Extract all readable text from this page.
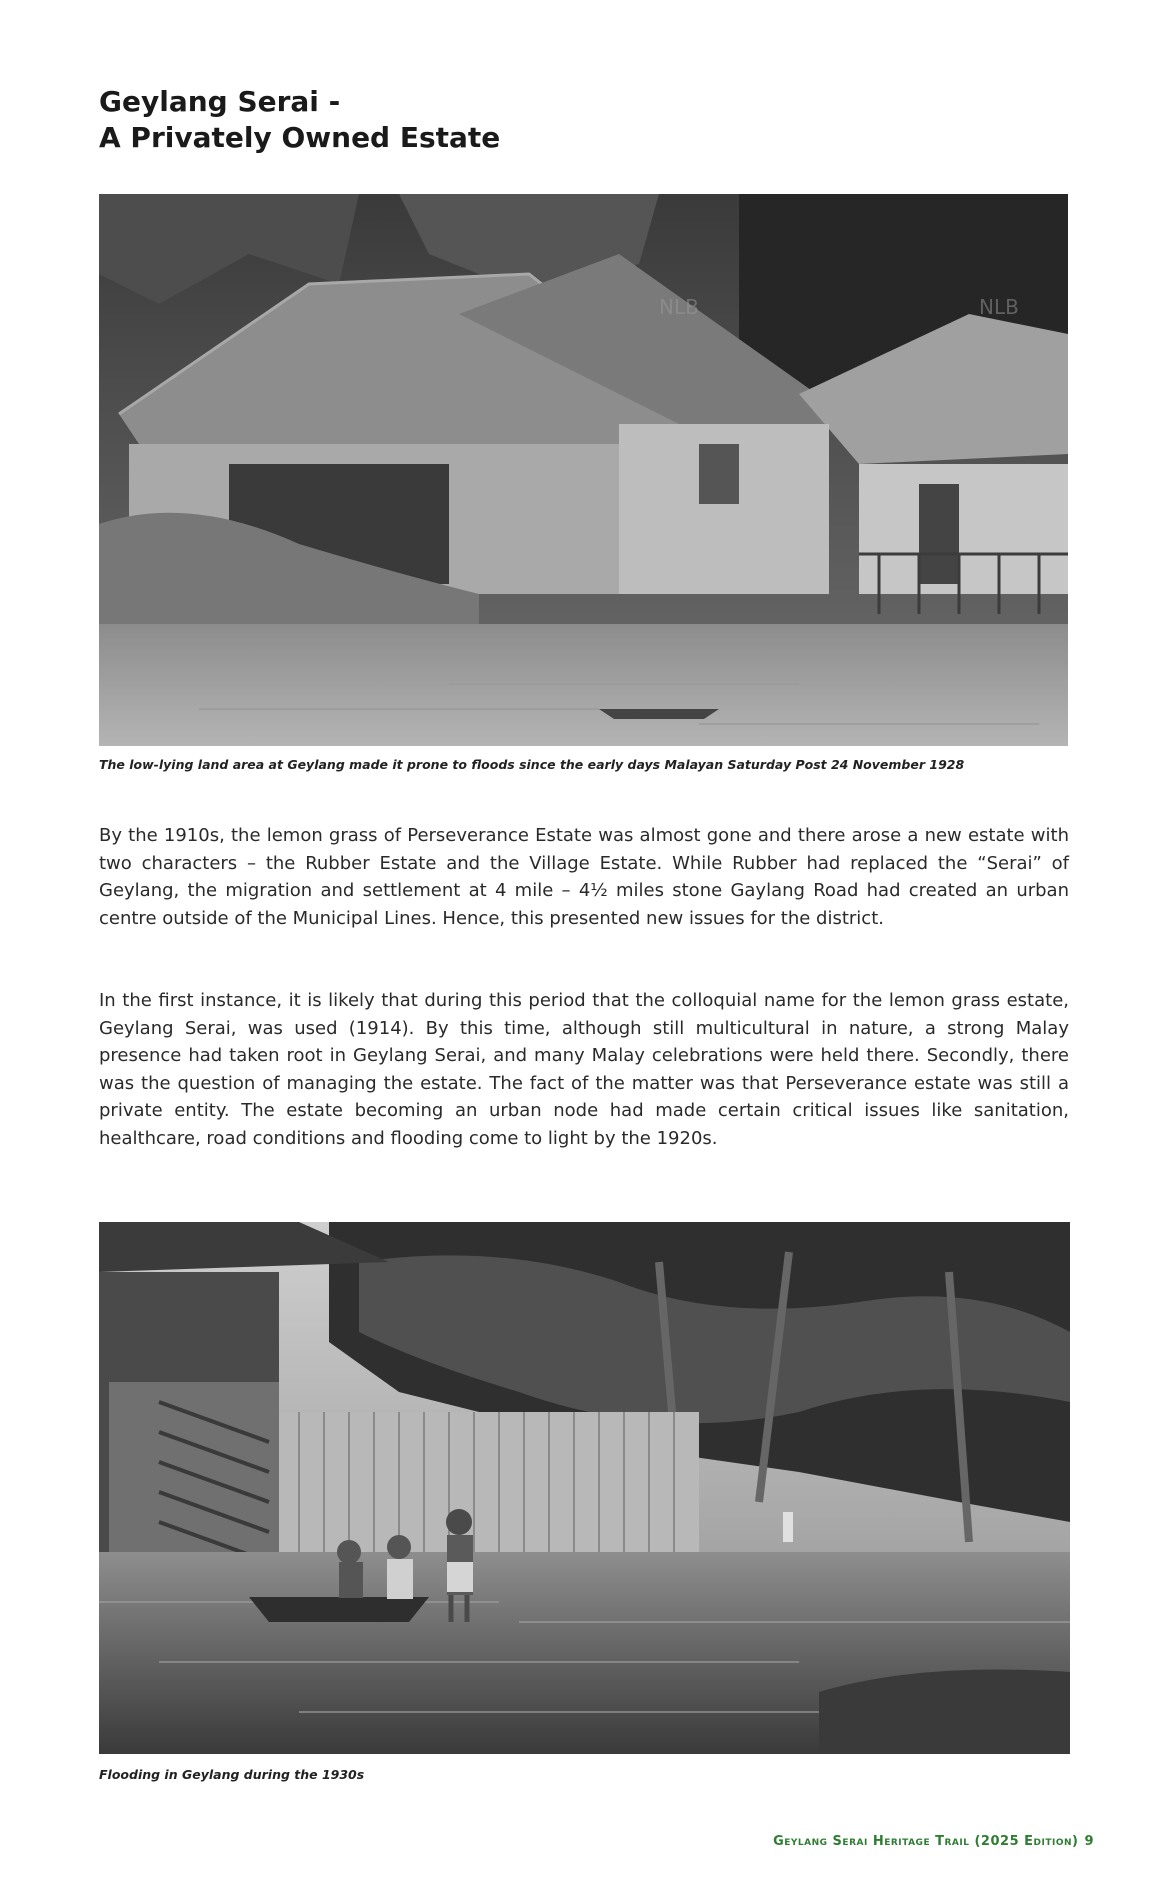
Geylang Serai -
A Privately Owned Estate
NLB	NLB

The low-lying land area at Geylang made it prone to floods since the early days Malayan Saturday Post 24 November 1928

By the 1910s, the lemon grass of Perseverance Estate was almost gone and there arose a new estate with two characters – the Rubber Estate and the Village Estate. While Rubber had replaced the “Serai” of Geylang, the migration and settlement at 4 mile – 4½ miles stone Gaylang Road had created an urban centre outside of the Municipal Lines. Hence, this presented new issues for the district.

In the first instance, it is likely that during this period that the colloquial name for the lemon grass estate, Geylang Serai, was used (1914). By this time, although still multicultural in nature, a strong Malay presence had taken root in Geylang Serai, and many Malay celebrations were held there. Secondly, there was the question of managing the estate. The fact of the matter was that Perseverance estate was still a private entity. The estate becoming an urban node had made certain critical issues like sanitation, healthcare, road conditions and flooding come to light by the 1920s.

Flooding in Geylang during the 1930s

Geylang Serai Heritage Trail (2025 Edition) 9
